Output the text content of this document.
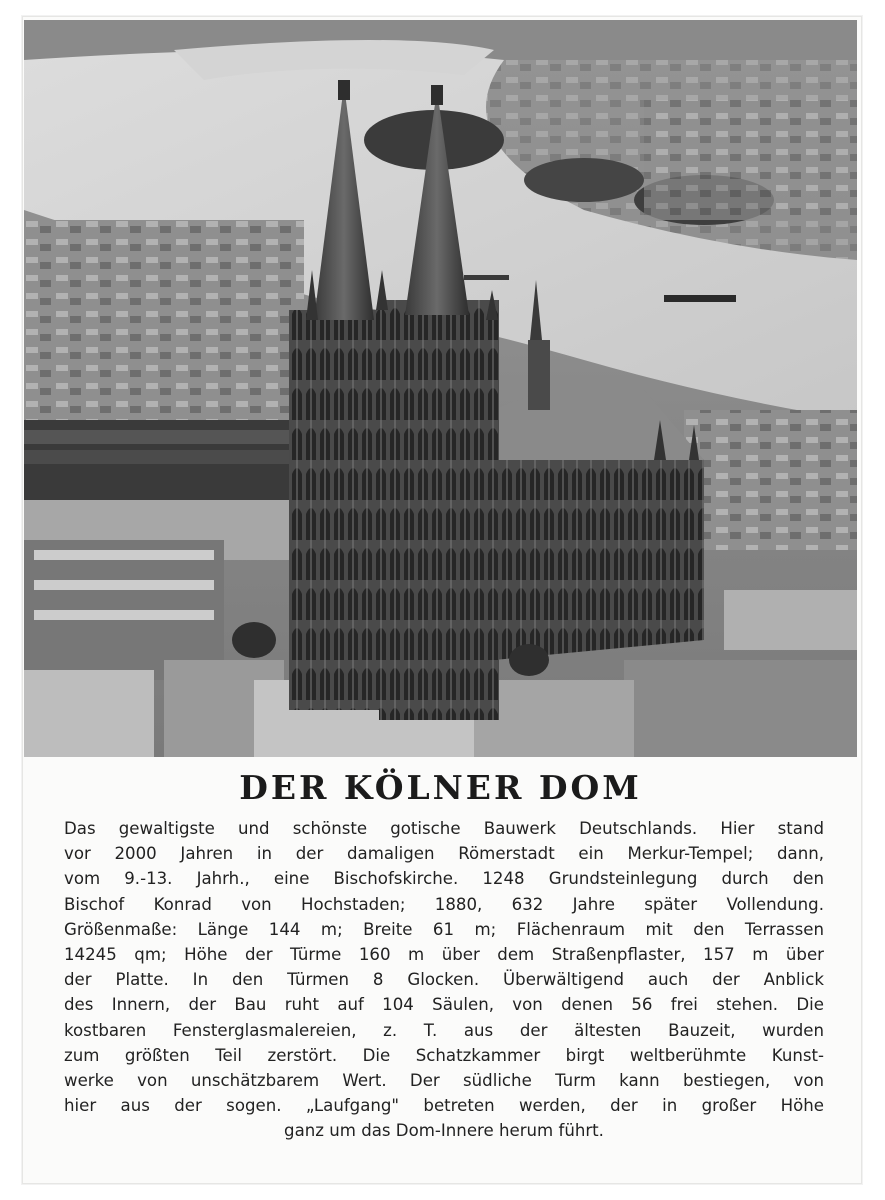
DER KÖLNER DOM
Das gewaltigste und schönste gotische Bauwerk Deutschlands. Hier stand
vor 2000 Jahren in der damaligen Römerstadt ein Merkur-Tempel; dann,
vom 9.-13. Jahrh., eine Bischofskirche. 1248 Grundsteinlegung durch den
Bischof Konrad von Hochstaden; 1880, 632 Jahre später Vollendung.
Größenmaße: Länge 144 m; Breite 61 m; Flächenraum mit den Terrassen
14245 qm; Höhe der Türme 160 m über dem Straßenpflaster, 157 m über
der Platte. In den Türmen 8 Glocken. Überwältigend auch der Anblick
des Innern, der Bau ruht auf 104 Säulen, von denen 56 frei stehen. Die
kostbaren Fensterglasmalereien, z. T. aus der ältesten Bauzeit, wurden
zum größten Teil zerstört. Die Schatzkammer birgt weltberühmte Kunst-
werke von unschätzbarem Wert. Der südliche Turm kann bestiegen, von
hier aus der sogen. „Laufgang" betreten werden, der in großer Höhe
ganz um das Dom-Innere herum führt.
